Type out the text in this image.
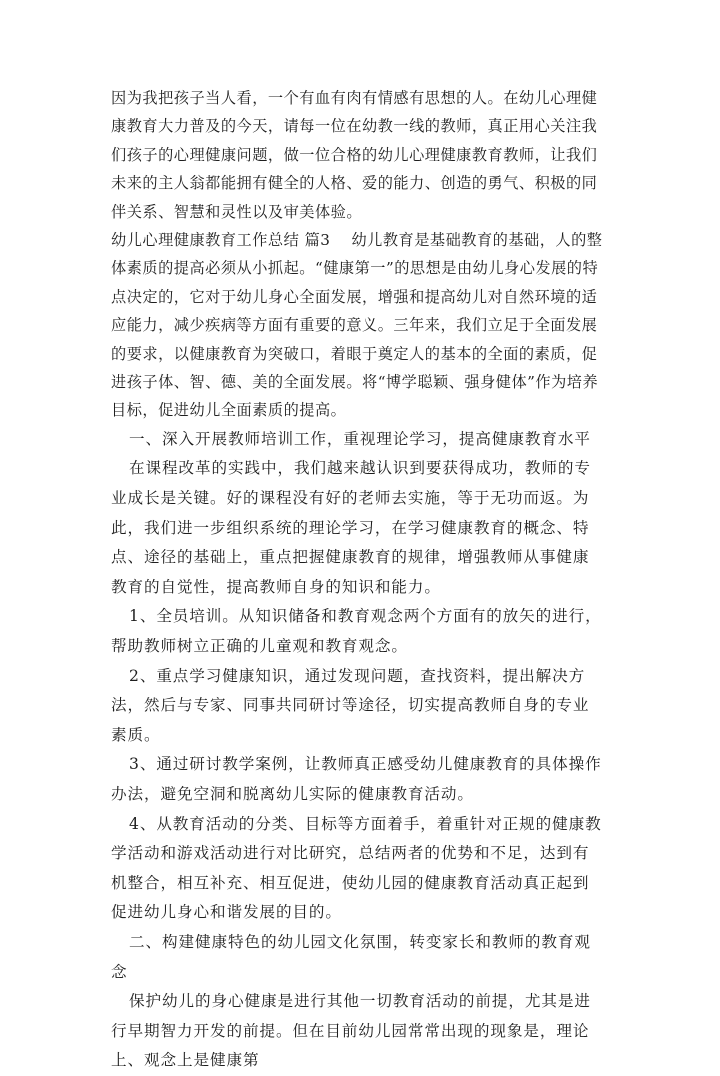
因为我把孩子当人看，一个有血有肉有情感有思想的人。在幼儿心理健康教育大力普及的今天，请每一位在幼教一线的教师，真正用心关注我们孩子的心理健康问题，做一位合格的幼儿心理健康教育教师，让我们未来的主人翁都能拥有健全的人格、爱的能力、创造的勇气、积极的同伴关系、智慧和灵性以及审美体验。

幼儿心理健康教育工作总结 篇3　 幼儿教育是基础教育的基础，人的整体素质的提高必须从小抓起。“健康第一”的思想是由幼儿身心发展的特点决定的，它对于幼儿身心全面发展，增强和提高幼儿对自然环境的适应能力，减少疾病等方面有重要的意义。三年来，我们立足于全面发展的要求，以健康教育为突破口，着眼于奠定人的基本的全面的素质，促进孩子体、智、德、美的全面发展。将“博学聪颖、强身健体”作为培养目标，促进幼儿全面素质的提高。

一、深入开展教师培训工作，重视理论学习，提高健康教育水平

在课程改革的实践中，我们越来越认识到要获得成功，教师的专业成长是关键。好的课程没有好的老师去实施，等于无功而返。为此，我们进一步组织系统的理论学习，在学习健康教育的概念、特点、途径的基础上，重点把握健康教育的规律，增强教师从事健康教育的自觉性，提高教师自身的知识和能力。

1、全员培训。从知识储备和教育观念两个方面有的放矢的进行，帮助教师树立正确的儿童观和教育观念。

2、重点学习健康知识，通过发现问题，查找资料，提出解决方法，然后与专家、同事共同研讨等途径，切实提高教师自身的专业素质。

3、通过研讨教学案例，让教师真正感受幼儿健康教育的具体操作办法，避免空洞和脱离幼儿实际的健康教育活动。

4、从教育活动的分类、目标等方面着手，着重针对正规的健康教学活动和游戏活动进行对比研究，总结两者的优势和不足，达到有机整合，相互补充、相互促进，使幼儿园的健康教育活动真正起到促进幼儿身心和谐发展的目的。

二、构建健康特色的幼儿园文化氛围，转变家长和教师的教育观念

保护幼儿的身心健康是进行其他一切教育活动的前提，尤其是进行早期智力开发的前提。但在目前幼儿园常常出现的现象是，理论上、观念上是健康第
